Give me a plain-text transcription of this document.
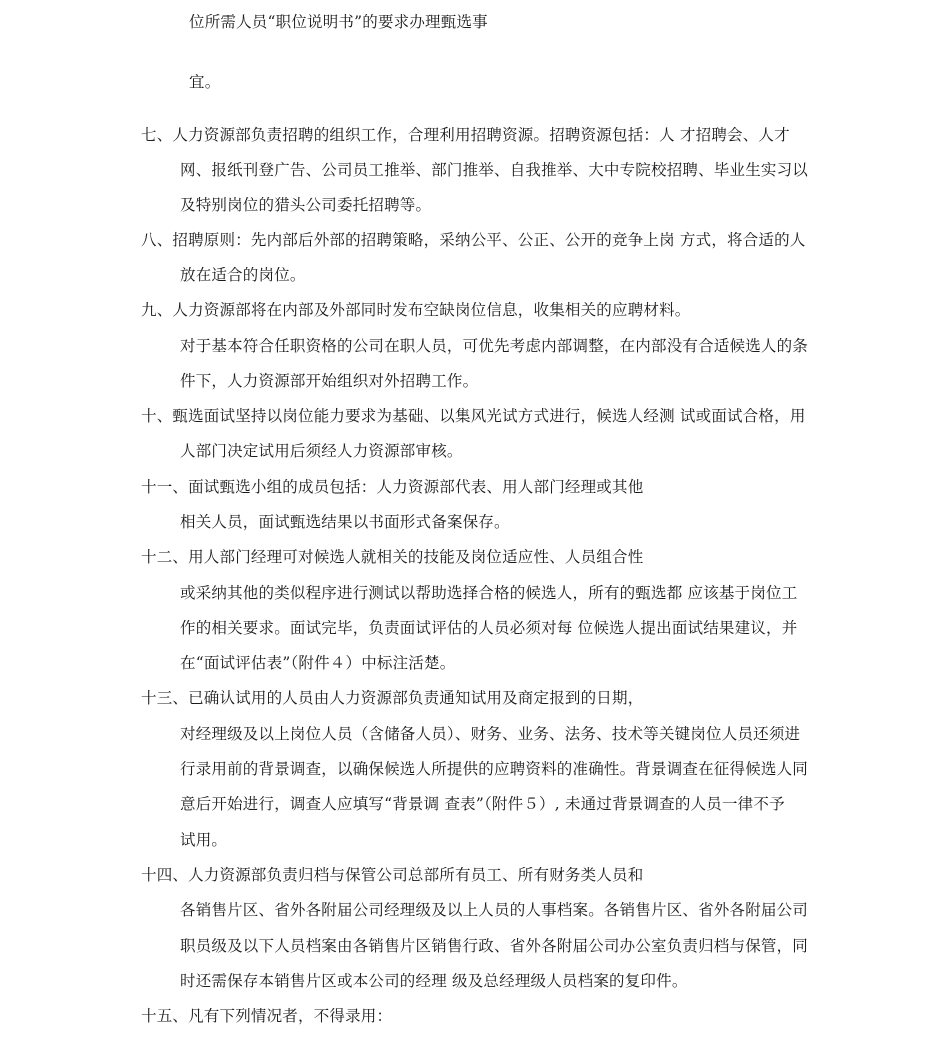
位所需人员“职位说明书”的要求办理甄选事
宜。
七、人力资源部负责招聘的组织工作，合理利用招聘资源。招聘资源包括：人 才招聘会、人才
网、报纸刊登广告、公司员工推举、部门推举、自我推举、大中专院校招聘、毕业生实习以
及特别岗位的猎头公司委托招聘等。
八、招聘原则：先内部后外部的招聘策略，采纳公平、公正、公开的竞争上岗 方式，将合适的人
放在适合的岗位。
九、人力资源部将在内部及外部同时发布空缺岗位信息，收集相关的应聘材料。
对于基本符合任职资格的公司在职人员，可优先考虑内部调整，在内部没有合适候选人的条
件下，人力资源部开始组织对外招聘工作。
十、甄选面试坚持以岗位能力要求为基础、以集风光试方式进行，候选人经测 试或面试合格，用
人部门决定试用后须经人力资源部审核。
十一、面试甄选小组的成员包括：人力资源部代表、用人部门经理或其他
相关人员，面试甄选结果以书面形式备案保存。
十二、用人部门经理可对候选人就相关的技能及岗位适应性、人员组合性
或采纳其他的类似程序进行测试以帮助选择合格的候选人，所有的甄选都 应该基于岗位工
作的相关要求。面试完毕，负责面试评估的人员必须对每 位候选人提出面试结果建议，并
在“面试评估表”（附件４）中标注活楚。
十三、已确认试用的人员由人力资源部负责通知试用及商定报到的日期，
对经理级及以上岗位人员（含储备人员）、财务、业务、法务、技术等关键岗位人员还须进
行录用前的背景调查，以确保候选人所提供的应聘资料的准确性。背景调查在征得候选人同
意后开始进行，调查人应填写“背景调 查表”（附件５）, 未通过背景调查的人员一律不予
试用。
十四、人力资源部负责归档与保管公司总部所有员工、所有财务类人员和
各销售片区、省外各附届公司经理级及以上人员的人事档案。各销售片区、省外各附届公司
职员级及以下人员档案由各销售片区销售行政、省外各附届公司办公室负责归档与保管，同
时还需保存本销售片区或本公司的经理 级及总经理级人员档案的复印件。
十五、凡有下列情况者，不得录用：
